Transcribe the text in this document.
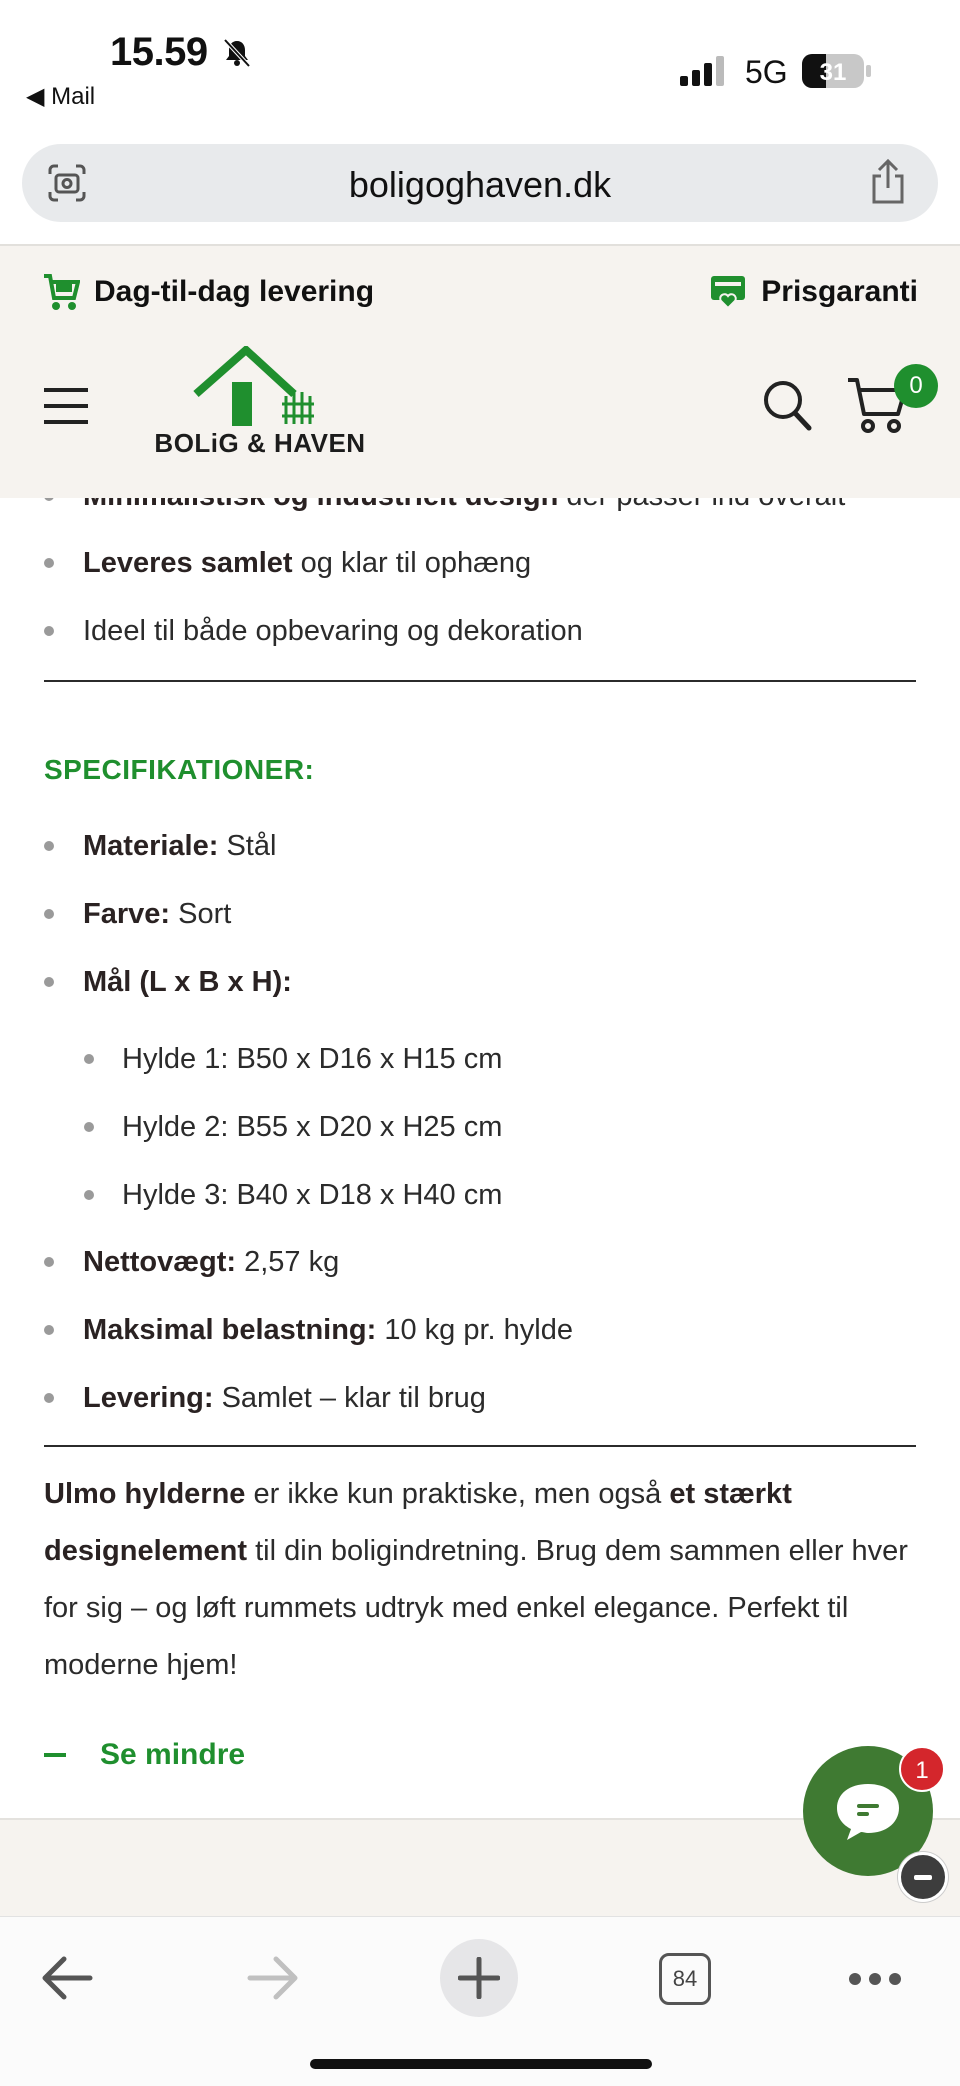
15.59
◀ Mail
5G 31
boligoghaven.dk
Dag-til-dag levering	Prisgaranti
BOLiG & HAVEN
0
Leveres samlet og klar til ophæng
Ideel til både opbevaring og dekoration
SPECIFIKATIONER:
Materiale: Stål
Farve: Sort
Mål (L x B x H):
Hylde 1: B50 x D16 x H15 cm
Hylde 2: B55 x D20 x H25 cm
Hylde 3: B40 x D18 x H40 cm
Nettovægt: 2,57 kg
Maksimal belastning: 10 kg pr. hylde
Levering: Samlet – klar til brug
Ulmo hylderne er ikke kun praktiske, men også et stærkt designelement til din boligindretning. Brug dem sammen eller hver for sig – og løft rummets udtryk med enkel elegance. Perfekt til moderne hjem!
Se mindre	1
84
